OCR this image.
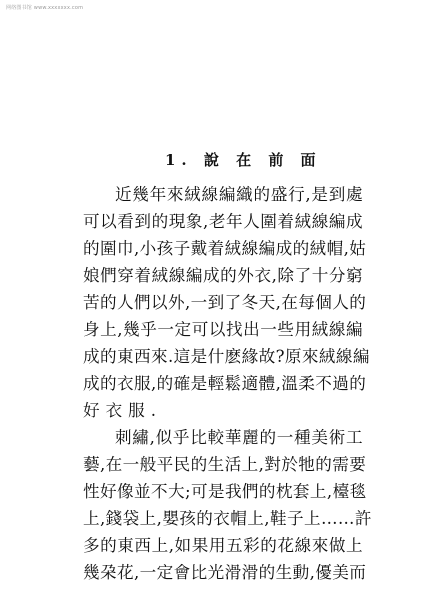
网络图书馆 www.xxxxxxx.com
1. 說 在 前 面
近幾年來絨線編織的盛行,是到處
可以看到的現象,老年人圍着絨線編成
的圍巾,小孩子戴着絨線編成的絨帽,姑
娘們穿着絨線編成的外衣,除了十分窮
苦的人們以外,一到了冬天,在每個人的
身上,幾乎一定可以找出一些用絨線編
成的東西來.這是什麽緣故?原來絨線編
成的衣服,的確是輕鬆適體,溫柔不過的
好衣服.
刺繡,似乎比較華麗的一種美術工
藝,在一般平民的生活上,對於牠的需要
性好像並不大;可是我們的枕套上,檯毯
上,錢袋上,嬰孩的衣帽上,鞋子上……許
多的東西上,如果用五彩的花線來做上
幾朶花,一定會比光滑滑的生動,優美而
